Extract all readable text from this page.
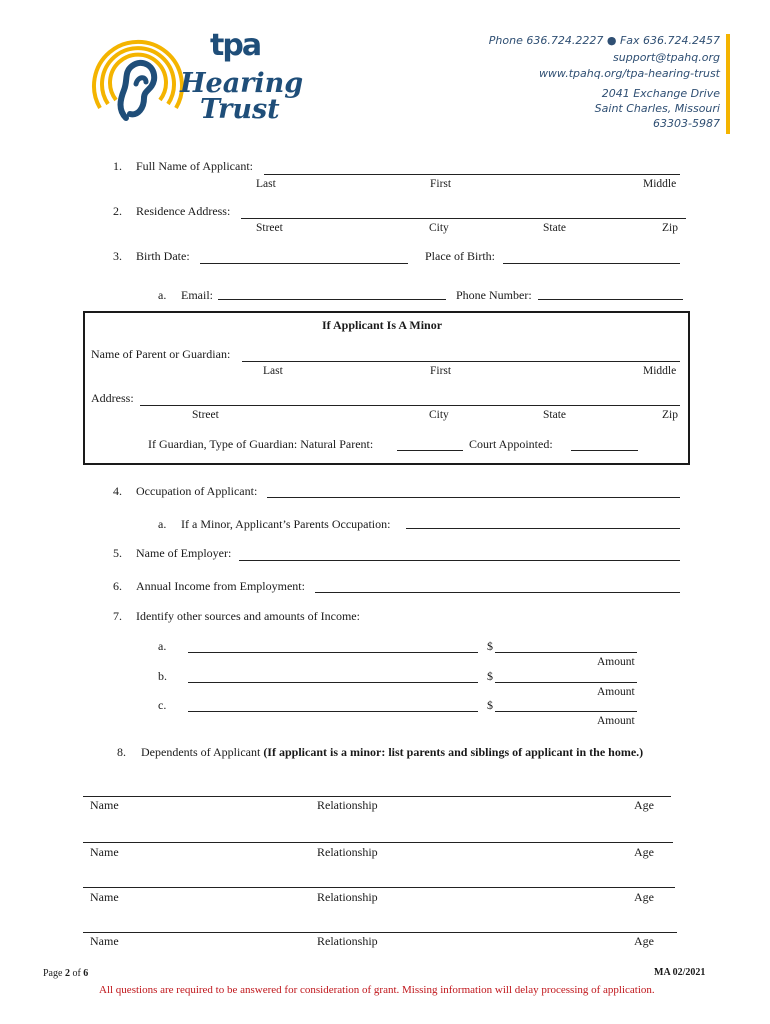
tpa
Hearing
Trust
Phone 636.724.2227 ● Fax 636.724.2457
support@tpahq.org
www.tpahq.org/tpa-hearing-trust
2041 Exchange Drive
Saint Charles, Missouri
63303-5987
1. Full Name of Applicant:
Last	First	Middle
2. Residence Address:
Street	City	State	Zip
3. Birth Date:	Place of Birth:
a. Email:	Phone Number:
If Applicant Is A Minor
Name of Parent or Guardian:
Last	First	Middle
Address:
Street	City	State	Zip
If Guardian, Type of Guardian: Natural Parent:	Court Appointed:
4. Occupation of Applicant:
a. If a Minor, Applicant’s Parents Occupation:
5. Name of Employer:
6. Annual Income from Employment:
7. Identify other sources and amounts of Income:
a.	$
Amount
b.	$
Amount
c.	$
Amount
8. Dependents of Applicant (If applicant is a minor: list parents and siblings of applicant in the home.)
Name	Relationship	Age
Name	Relationship	Age
Name	Relationship	Age
Name	Relationship	Age
Page 2 of 6	MA 02/2021
All questions are required to be answered for consideration of grant. Missing information will delay processing of application.
